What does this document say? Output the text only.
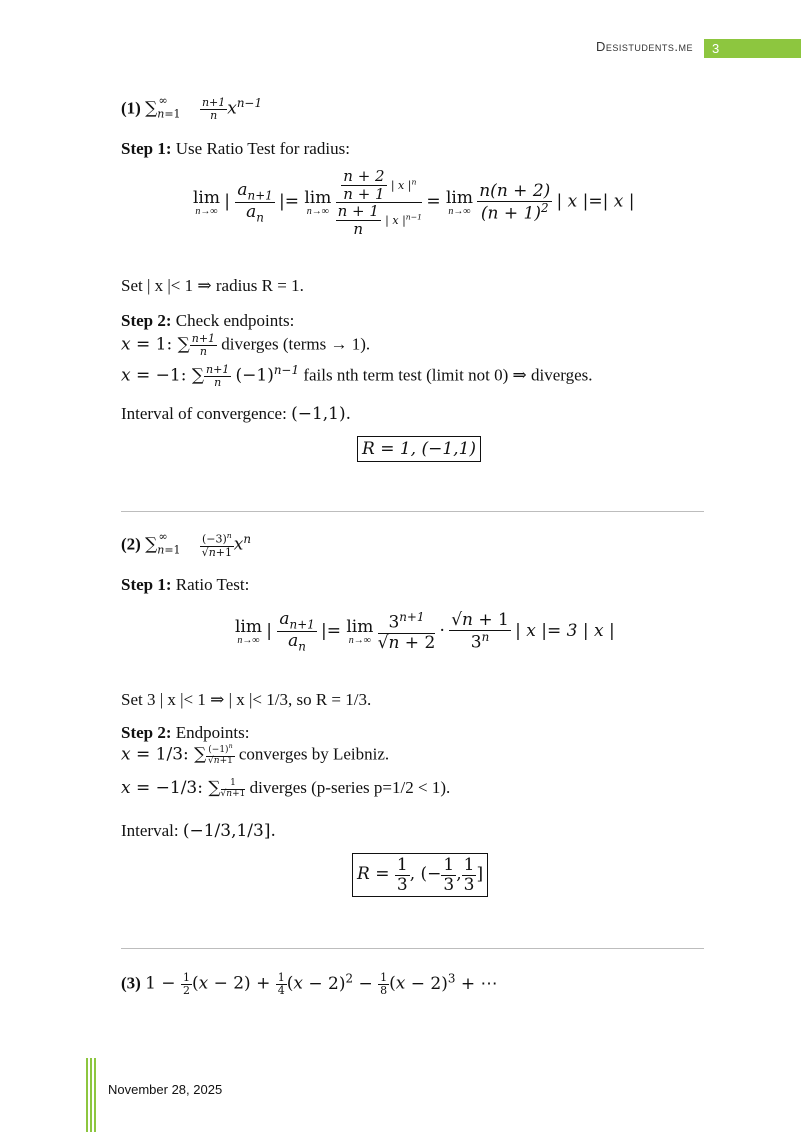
Desistudents.me	3
(1) $\sum_{n=1}^\infty$	$\frac{n+1}{n} x^{n-1}$
Step 1: Use Ratio Test for radius:
lim
n→∞ | $\frac{a_{n+1}}{a_n}$ |= lim
n→∞
$\frac{\frac{n + 2}{n + 1} | x |^n}{\frac{n + 1}{n} | x |^{n-1}} = \lim$
n→∞
$\frac{n(n + 2)}{(n + 1)^2}$ | x |=| x |
Set | x |< 1 ⇒ radius R = 1.
Step 2: Check endpoints:
x = 1: ∑ $\frac{n+1}{n}$ diverges (terms → 1).
x = −1: ∑ $\frac{n+1}{n} (-1)^{n-1}$ fails nth term test (limit not 0) ⇒ diverges.
Interval of convergence: (−1,1).
R = 1, (−1,1)
(2) $\sum_{n=1}^\infty$	$\frac{(-3)^n}{√n+1} x^n$
Step 1: Ratio Test:
lim
n→∞ | $\frac{a_{n+1}}{a_n}$ |= lim
n→∞
$\frac{3^{n+1}}{√n + 2} \cdot \frac{√n + 1}{3^n}$ | x |= 3 | x |
Set 3 | x |< 1 ⇒ | x |< 1/3, so R = 1/3.
Step 2: Endpoints:
x = 1/3: ∑ $\frac{(-1)^n}{√n+1}$ converges by Leibniz.
x = −1/3: ∑ $\frac{1}{√n+1}$ diverges (p-series p=1/2 < 1).
Interval: (−1/3,1/3].
$R = \frac{1}{3}$ , (− $\frac{1}{3}$ , $\frac{1}{3}$ ]
(3) $1 - \frac{1}{2} (x - 2) + \frac{1}{4} (x - 2)^2 - \frac{1}{8} (x - 2)^3$ + ⋯
November 28, 2025
